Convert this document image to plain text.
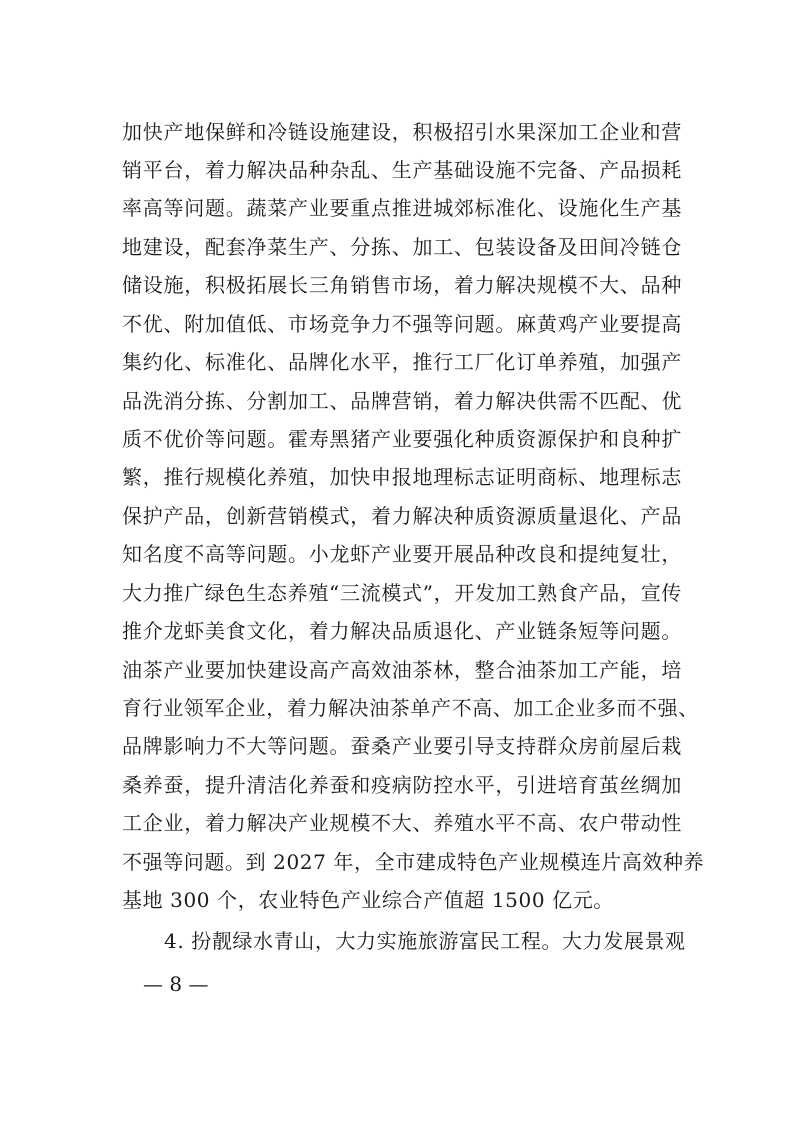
加快产地保鲜和冷链设施建设，积极招引水果深加工企业和营
销平台，着力解决品种杂乱、生产基础设施不完备、产品损耗
率高等问题。蔬菜产业要重点推进城郊标准化、设施化生产基
地建设，配套净菜生产、分拣、加工、包装设备及田间冷链仓
储设施，积极拓展长三角销售市场，着力解决规模不大、品种
不优、附加值低、市场竞争力不强等问题。麻黄鸡产业要提高
集约化、标准化、品牌化水平，推行工厂化订单养殖，加强产
品洗消分拣、分割加工、品牌营销，着力解决供需不匹配、优
质不优价等问题。霍寿黑猪产业要强化种质资源保护和良种扩
繁，推行规模化养殖，加快申报地理标志证明商标、地理标志
保护产品，创新营销模式，着力解决种质资源质量退化、产品
知名度不高等问题。小龙虾产业要开展品种改良和提纯复壮，
大力推广绿色生态养殖“三流模式”，开发加工熟食产品，宣传
推介龙虾美食文化，着力解决品质退化、产业链条短等问题。
油茶产业要加快建设高产高效油茶林，整合油茶加工产能，培
育行业领军企业，着力解决油茶单产不高、加工企业多而不强、
品牌影响力不大等问题。蚕桑产业要引导支持群众房前屋后栽
桑养蚕，提升清洁化养蚕和疫病防控水平，引进培育茧丝绸加
工企业，着力解决产业规模不大、养殖水平不高、农户带动性
不强等问题。到 2027 年，全市建成特色产业规模连片高效种养
基地 300 个，农业特色产业综合产值超 1500 亿元。
4. 扮靓绿水青山，大力实施旅游富民工程。大力发展景观
— 8 —
